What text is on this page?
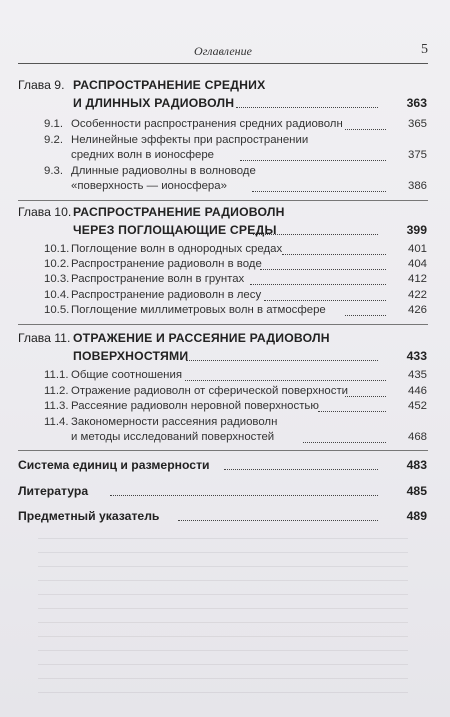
Оглавление	5
Глава 9. РАСПРОСТРАНЕНИЕ СРЕДНИХ
И ДЛИННЫХ РАДИОВОЛН	363
9.1. Особенности распространения средних радиоволн	365
9.2. Нелинейные эффекты при распространении
средних волн в ионосфере	375
9.3. Длинные радиоволны в волноводе
«поверхность — ионосфера»	386
Глава 10. РАСПРОСТРАНЕНИЕ РАДИОВОЛН
ЧЕРЕЗ ПОГЛОЩАЮЩИЕ СРЕДЫ	399
10.1. Поглощение волн в однородных средах	401
10.2. Распространение радиоволн в воде	404
10.3. Распространение волн в грунтах	412
10.4. Распространение радиоволн в лесу	422
10.5. Поглощение миллиметровых волн в атмосфере	426
Глава 11. ОТРАЖЕНИЕ И РАССЕЯНИЕ РАДИОВОЛН
ПОВЕРХНОСТЯМИ	433
11.1. Общие соотношения	435
11.2. Отражение радиоволн от сферической поверхности	446
11.3. Рассеяние радиоволн неровной поверхностью	452
11.4. Закономерности рассеяния радиоволн
и методы исследований поверхностей	468
Система единиц и размерности	483
Литература	485
Предметный указатель	489
